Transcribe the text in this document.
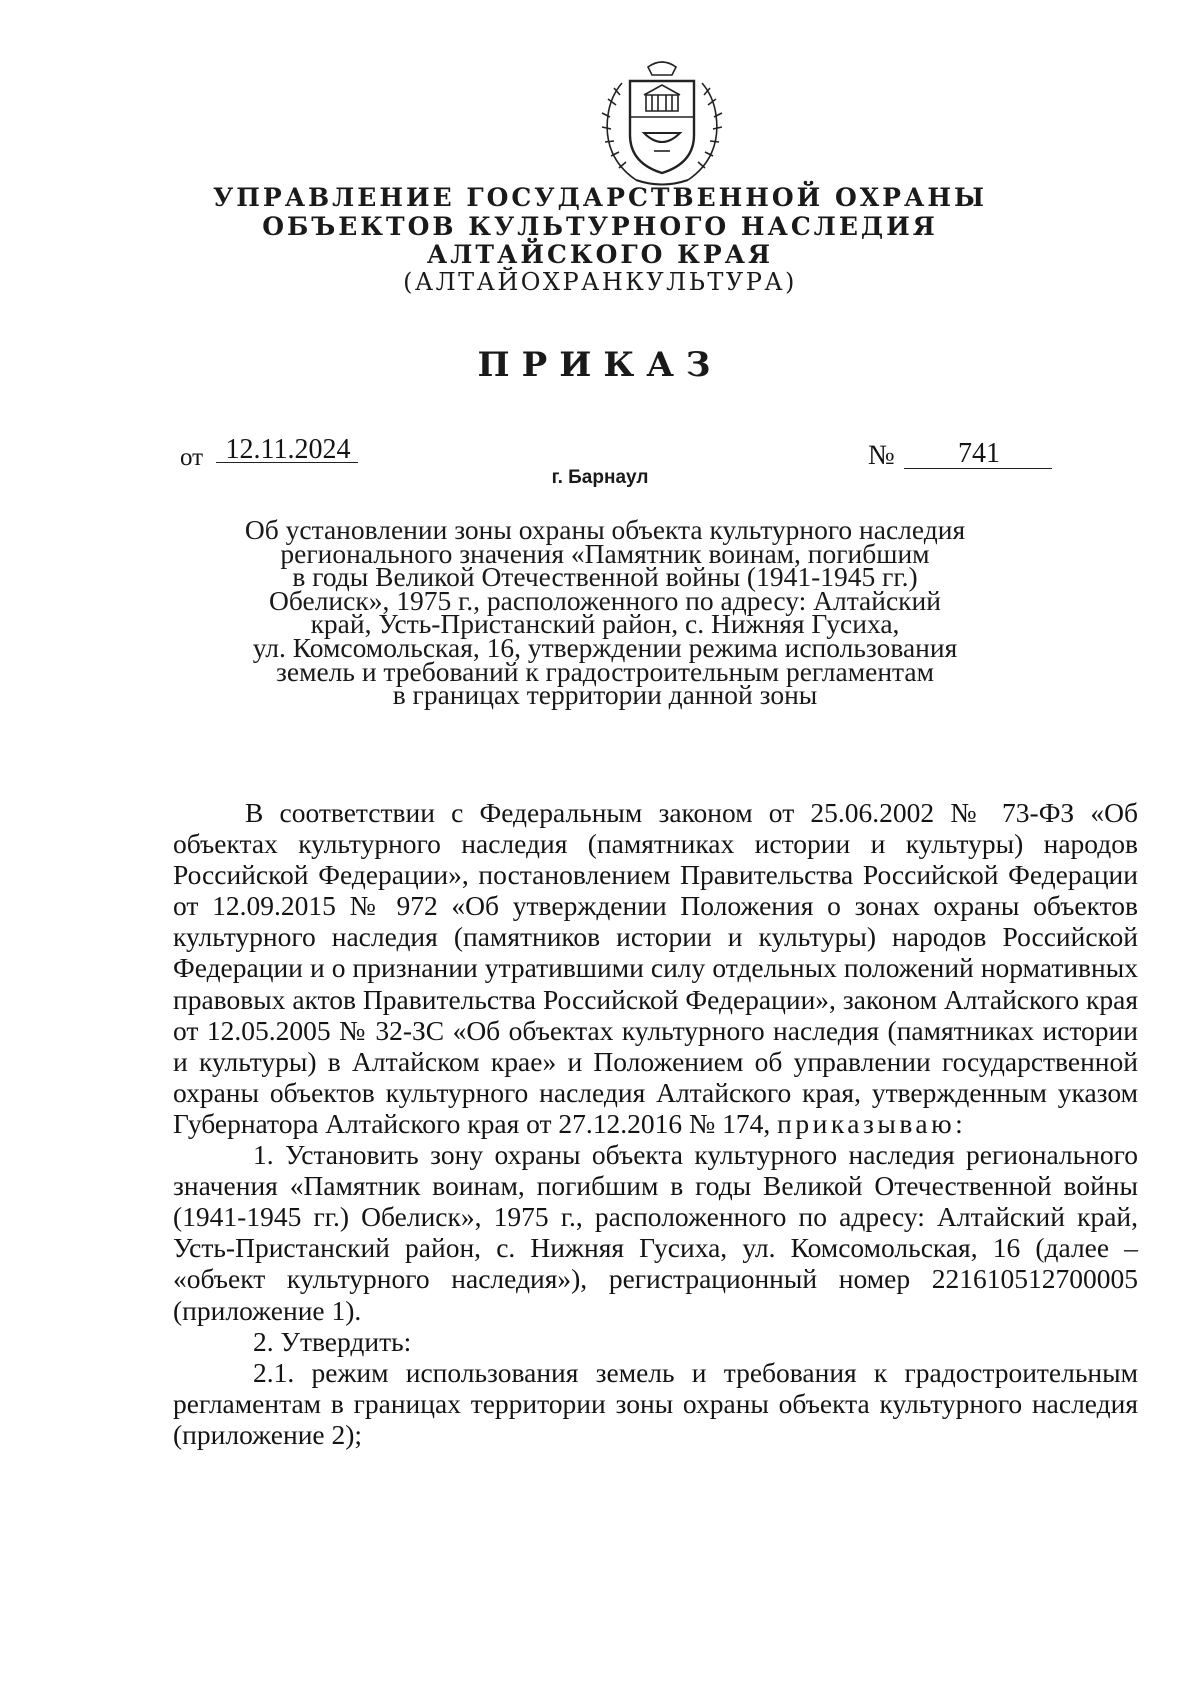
УПРАВЛЕНИЕ ГОСУДАРСТВЕННОЙ ОХРАНЫ
ОБЪЕКТОВ КУЛЬТУРНОГО НАСЛЕДИЯ
АЛТАЙСКОГО КРАЯ
(АЛТАЙОХРАНКУЛЬТУРА)
ПРИКАЗ
от 12.11.2024	№	741
г. Барнаул
Об установлении зоны охраны объекта культурного наследия
регионального значения «Памятник воинам, погибшим
в годы Великой Отечественной войны (1941-1945 гг.)
Обелиск», 1975 г., расположенного по адресу: Алтайский
край, Усть-Пристанский район, с. Нижняя Гусиха,
ул. Комсомольская, 16, утверждении режима использования
земель и требований к градостроительным регламентам
в границах территории данной зоны

В соответствии с Федеральным законом от 25.06.2002 № 73-ФЗ «Об объектах культурного наследия (памятниках истории и культуры) народов Российской Федерации», постановлением Правительства Российской Федерации от 12.09.2015 № 972 «Об утверждении Положения о зонах охраны объектов культурного наследия (памятников истории и культуры) народов Российской Федерации и о признании утратившими силу отдельных положений нормативных правовых актов Правительства Российской Федерации», законом Алтайского края от 12.05.2005 № 32-ЗС «Об объектах культурного наследия (памятниках истории и культуры) в Алтайском крае» и Положением об управлении государственной охраны объектов культурного наследия Алтайского края, утвержденным указом Губернатора Алтайского края от 27.12.2016 № 174, приказываю:

1. Установить зону охраны объекта культурного наследия регионального значения «Памятник воинам, погибшим в годы Великой Отечественной войны (1941-1945 гг.) Обелиск», 1975 г., расположенного по адресу: Алтайский край, Усть-Пристанский район, с. Нижняя Гусиха, ул. Комсомольская, 16 (далее – «объект культурного наследия»), регистрационный номер 221610512700005 (приложение 1).

2. Утвердить:

2.1. режим использования земель и требования к градостроительным регламентам в границах территории зоны охраны объекта культурного наследия (приложение 2);
